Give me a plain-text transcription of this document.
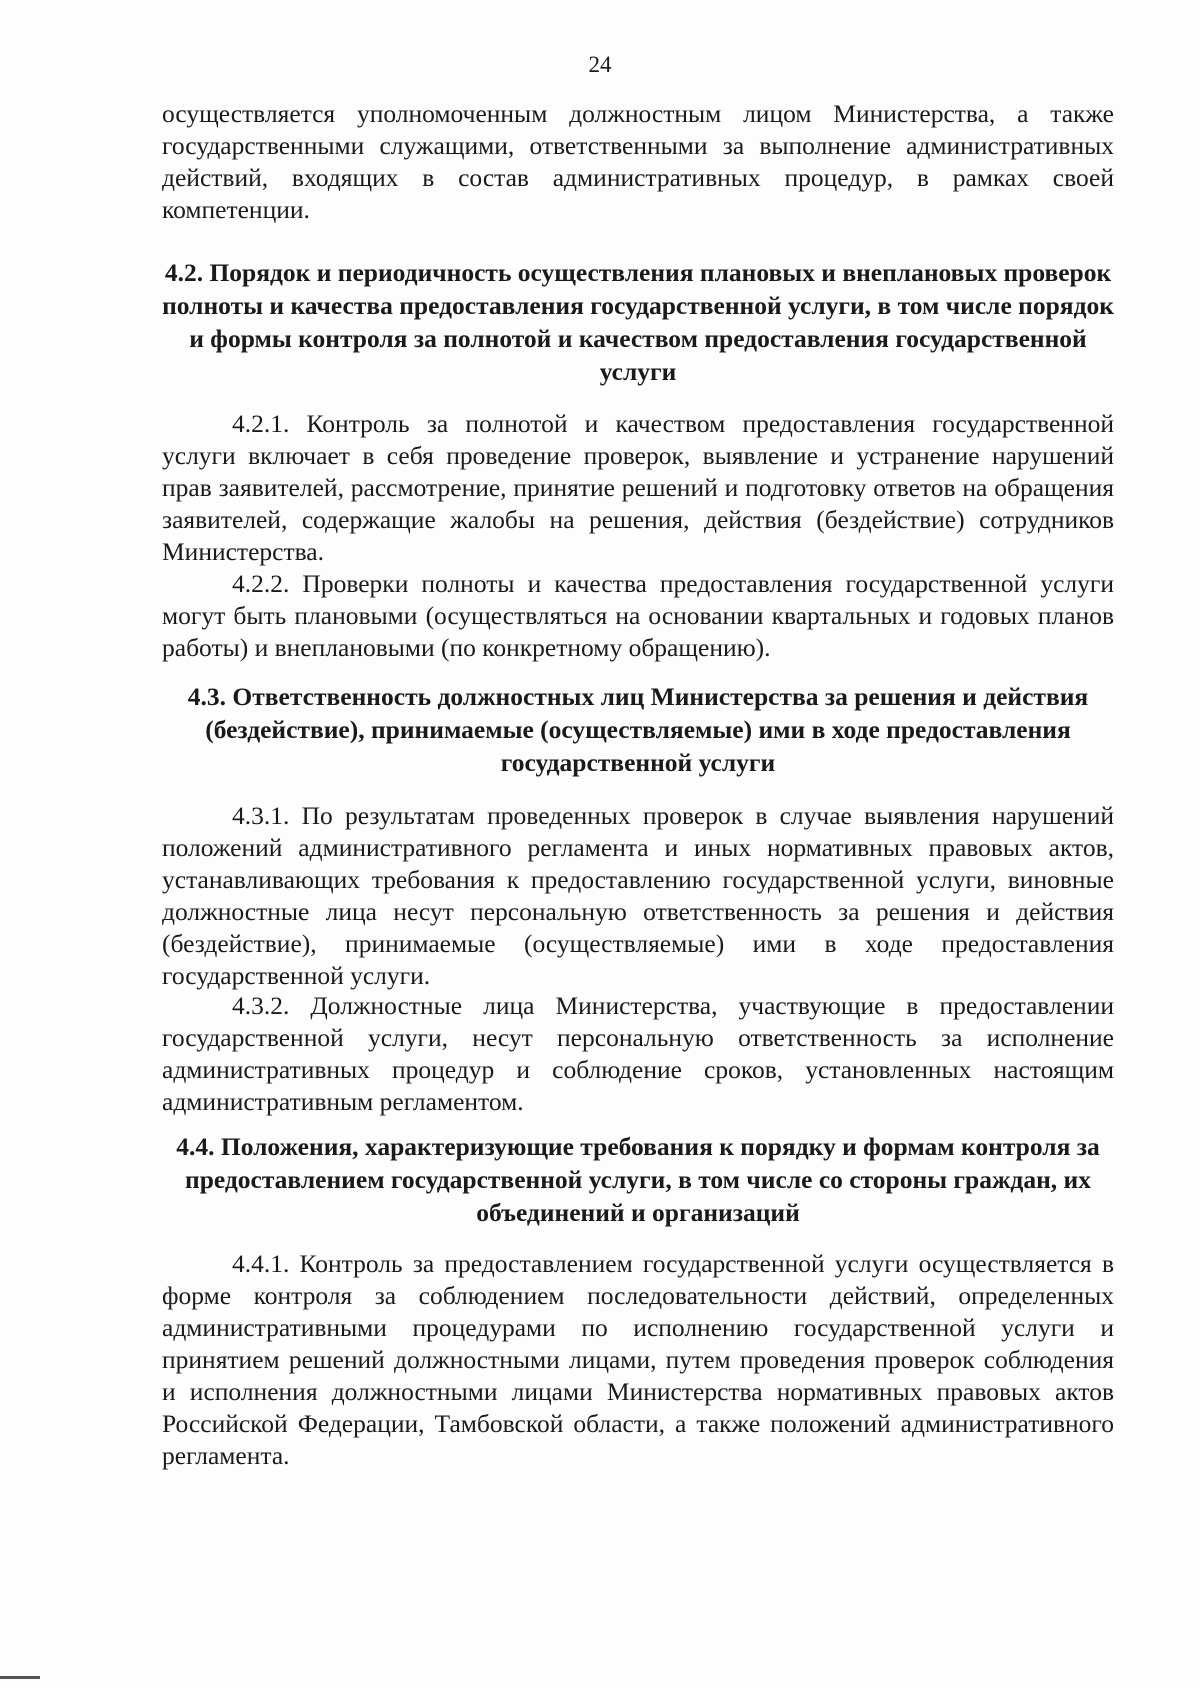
24

осуществляется уполномоченным должностным лицом Министерства, а также государственными служащими, ответственными за выполнение административных действий, входящих в состав административных процедур, в рамках своей компетенции.

4.2. Порядок и периодичность осуществления плановых и внеплановых проверок полноты и качества предоставления государственной услуги, в том числе порядок и формы контроля за полнотой и качеством предоставления государственной услуги

4.2.1. Контроль за полнотой и качеством предоставления государственной услуги включает в себя проведение проверок, выявление и устранение нарушений прав заявителей, рассмотрение, принятие решений и подготовку ответов на обращения заявителей, содержащие жалобы на решения, действия (бездействие) сотрудников Министерства.

4.2.2. Проверки полноты и качества предоставления государственной услуги могут быть плановыми (осуществляться на основании квартальных и годовых планов работы) и внеплановыми (по конкретному обращению).

4.3. Ответственность должностных лиц Министерства за решения и действия (бездействие), принимаемые (осуществляемые) ими в ходе предоставления государственной услуги

4.3.1. По результатам проведенных проверок в случае выявления нарушений положений административного регламента и иных нормативных правовых актов, устанавливающих требования к предоставлению государственной услуги, виновные должностные лица несут персональную ответственность за решения и действия (бездействие), принимаемые (осуществляемые) ими в ходе предоставления государственной услуги.

4.3.2. Должностные лица Министерства, участвующие в предоставлении государственной услуги, несут персональную ответственность за исполнение административных процедур и соблюдение сроков, установленных настоящим административным регламентом.

4.4. Положения, характеризующие требования к порядку и формам контроля за предоставлением государственной услуги, в том числе со стороны граждан, их объединений и организаций

4.4.1. Контроль за предоставлением государственной услуги осуществляется в форме контроля за соблюдением последовательности действий, определенных административными процедурами по исполнению государственной услуги и принятием решений должностными лицами, путем проведения проверок соблюдения и исполнения должностными лицами Министерства нормативных правовых актов Российской Федерации, Тамбовской области, а также положений административного регламента.
